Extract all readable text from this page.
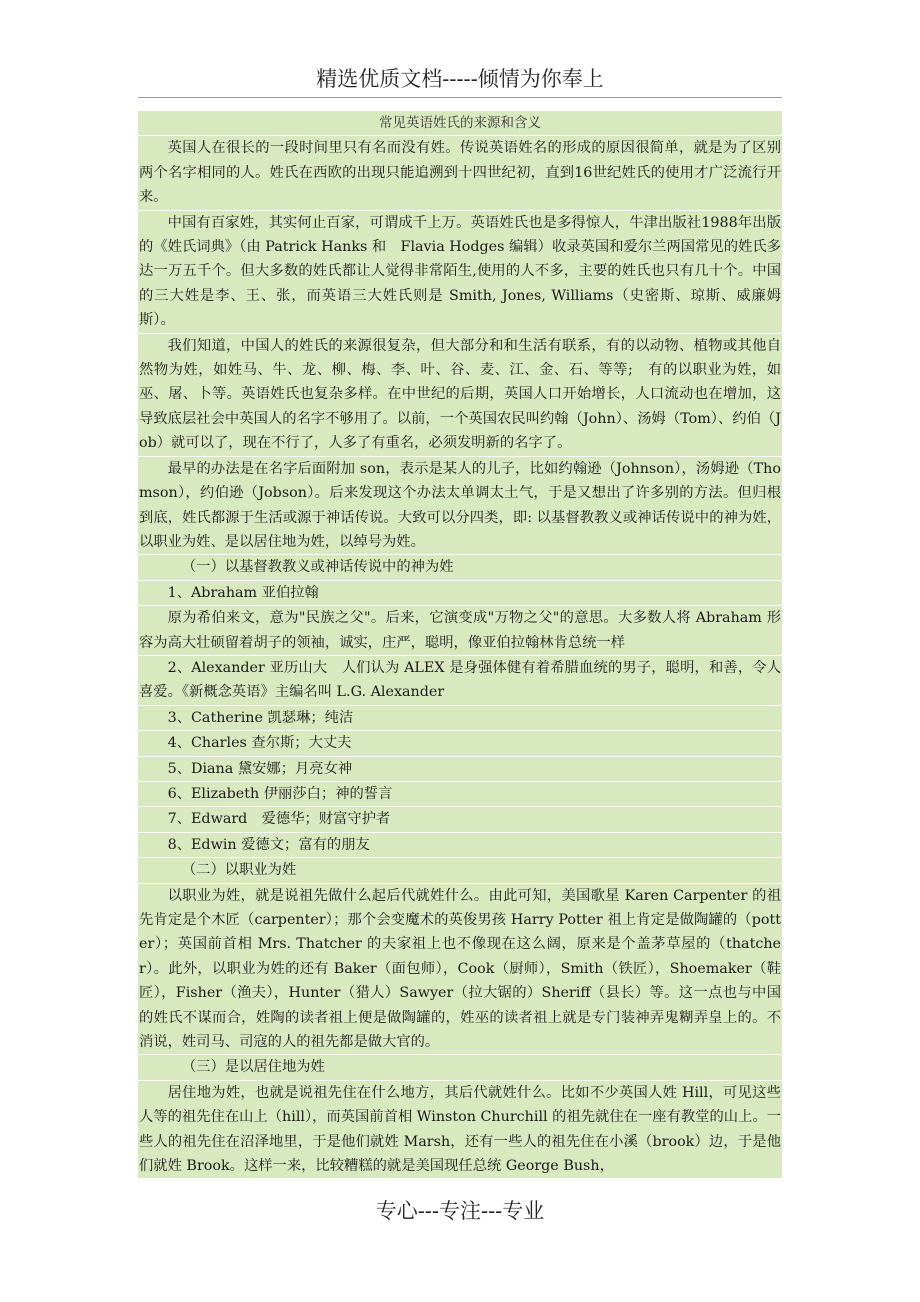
精选优质文档-----倾情为你奉上

常见英语姓氏的来源和含义

英国人在很长的一段时间里只有名而没有姓。传说英语姓名的形成的原因很简单，就是为了区别两个名字相同的人。姓氏在西欧的出现只能追溯到十四世纪初，直到16世纪姓氏的使用才广泛流行开来。

中国有百家姓，其实何止百家，可谓成千上万。英语姓氏也是多得惊人，牛津出版社1988年出版的《姓氏词典》（由 Patrick Hanks 和　Flavia Hodges 编辑）收录英国和爱尔兰两国常见的姓氏多达一万五千个。但大多数的姓氏都让人觉得非常陌生,使用的人不多，主要的姓氏也只有几十个。中国的三大姓是李、王、张，而英语三大姓氏则是 Smith, Jones, Williams（史密斯、琼斯、威廉姆斯）。

我们知道，中国人的姓氏的来源很复杂，但大部分和和生活有联系，有的以动物、植物或其他自然物为姓，如姓马、牛、龙、柳、梅、李、叶、谷、麦、江、金、石、等等;　有的以职业为姓，如巫、屠、卜等。英语姓氏也复杂多样。在中世纪的后期，英国人口开始增长，人口流动也在增加，这导致底层社会中英国人的名字不够用了。以前，一个英国农民叫约翰（John）、汤姆（Tom）、约伯（Job）就可以了，现在不行了，人多了有重名，必须发明新的名字了。

最早的办法是在名字后面附加 son，表示是某人的儿子，比如约翰逊（Johnson），汤姆逊（Thomson），约伯逊（Jobson）。后来发现这个办法太单调太土气，于是又想出了许多别的方法。但归根到底，姓氏都源于生活或源于神话传说。大致可以分四类，即: 以基督教教义或神话传说中的神为姓，以职业为姓、是以居住地为姓，以绰号为姓。

（一）以基督教教义或神话传说中的神为姓

1、Abraham 亚伯拉翰

原为希伯来文，意为"民族之父"。后来，它演变成"万物之父"的意思。大多数人将 Abraham 形容为高大壮硕留着胡子的领袖，诚实，庄严，聪明，像亚伯拉翰林肯总统一样

2、Alexander 亚历山大　人们认为 ALEX 是身强体健有着希腊血统的男子，聪明，和善，令人喜爱。《新概念英语》主编名叫 L.G. Alexander

3、Catherine 凯瑟琳；纯洁

4、Charles 查尔斯；大丈夫

5、Diana 黛安娜；月亮女神

6、Elizabeth 伊丽莎白；神的誓言

7、Edward　爱德华；财富守护者

8、Edwin 爱德文；富有的朋友

（二）以职业为姓

以职业为姓，就是说祖先做什么起后代就姓什么。由此可知，美国歌星 Karen Carpenter 的祖先肯定是个木匠（carpenter）；那个会变魔术的英俊男孩 Harry Potter 祖上肯定是做陶罐的（potter）；英国前首相 Mrs. Thatcher 的夫家祖上也不像现在这么阔，原来是个盖茅草屋的（thatcher）。此外，以职业为姓的还有 Baker（面包师），Cook（厨师），Smith（铁匠），Shoemaker（鞋匠），Fisher（渔夫），Hunter（猎人）Sawyer（拉大锯的）Sheriff（县长）等。这一点也与中国的姓氏不谋而合，姓陶的读者祖上便是做陶罐的，姓巫的读者祖上就是专门装神弄鬼糊弄皇上的。不消说，姓司马、司寇的人的祖先都是做大官的。

（三）是以居住地为姓

居住地为姓，也就是说祖先住在什么地方，其后代就姓什么。比如不少英国人姓 Hill，可见这些人等的祖先住在山上（hill），而英国前首相 Winston Churchill 的祖先就住在一座有教堂的山上。一些人的祖先住在沼泽地里，于是他们就姓 Marsh，还有一些人的祖先住在小溪（brook）边，于是他们就姓 Brook。这样一来，比较糟糕的就是美国现任总统 George Bush，

专心---专注---专业
